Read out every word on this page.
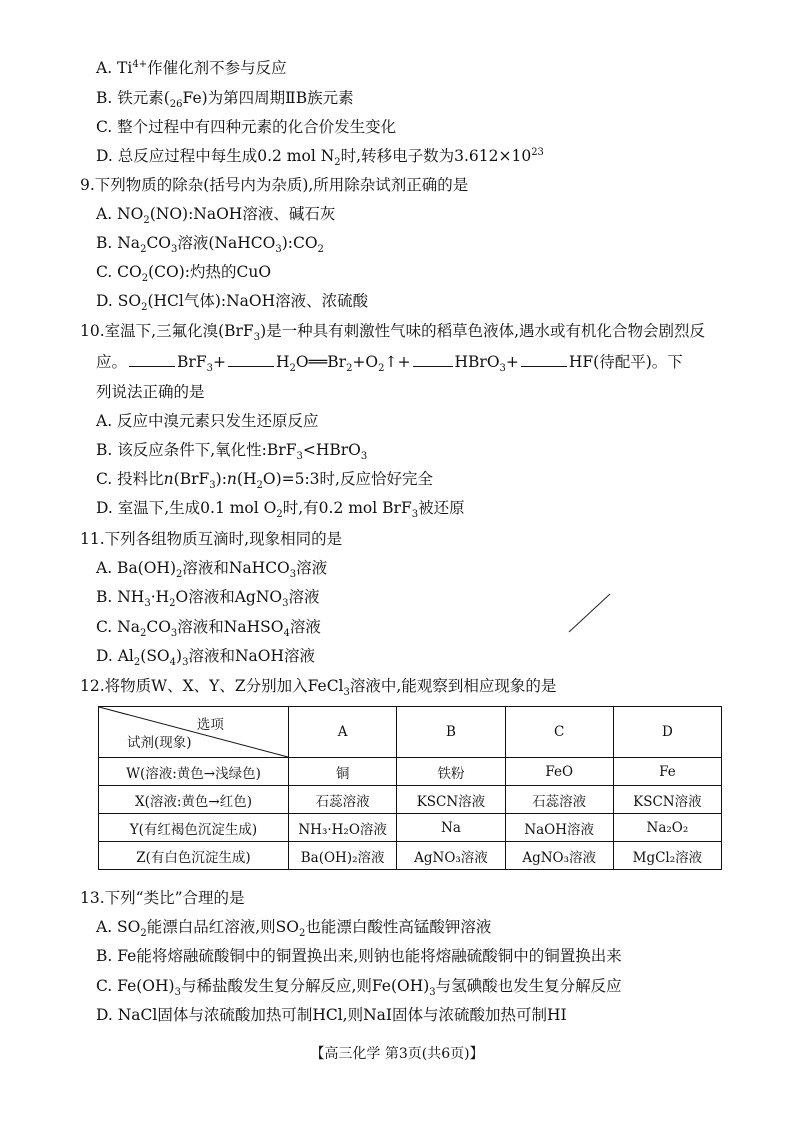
A. $Ti^{4+}$作催化剂不参与反应
B. 铁元素$(_{26}Fe)$为第四周期ⅡB族元素
C. 整个过程中有四种元素的化合价发生变化
D. 总反应过程中每生成0.2 mol $N_2$时,转移电子数为$3.612\times 10^{23}$
9.下列物质的除杂(括号内为杂质),所用除杂试剂正确的是
A. $NO_2(NO):NaOH$溶液、碱石灰
B. $Na_2CO_3$溶液$(NaHCO_3):CO_2$
C. $CO_2(CO)$:灼热的CuO
D. $SO_2(HCl$气体):NaOH溶液、浓硫酸
10.室温下,三氟化溴(BrF$_3$)是一种具有刺激性气味的稻草色液体,遇水或有机化合物会剧烈反
应。	BrF$_3$+	$H_2O══Br_2+O_2↑+$	HBrO$_3$+	HF(待配平)。下
列说法正确的是
A. 反应中溴元素只发生还原反应
B. 该反应条件下,氧化性:BrF$_3$<HBrO$_3$
C. 投料比$n(BrF_3):n(H_2O)=5:3$时,反应恰好完全
D. 室温下,生成0.1 mol $O_2$时,有0.2 mol BrF$_3$被还原
11.下列各组物质互滴时,现象相同的是
A. $Ba(OH)_2$溶液和NaHCO$_3$溶液
B. $NH_3\cdot H_2O$溶液和AgNO$_3$溶液
C. $Na_2CO_3$溶液和NaHSO$_4$溶液
D. $Al_2(SO_4)_3$溶液和NaOH溶液
12.将物质W、X、Y、Z分别加入FeCl$_3$溶液中,能观察到相应现象的是
选项
试剂(现象)	A	B	C	D
W(溶液:黄色→浅绿色)	铜	铁粉	FeO	Fe
X(溶液:黄色→红色)	石蕊溶液	KSCN溶液	石蕊溶液	KSCN溶液
Y(有红褐色沉淀生成)	NH₃·H₂O溶液	Na	NaOH溶液	Na₂O₂
Z(有白色沉淀生成)	Ba(OH)₂溶液	AgNO₃溶液	AgNO₃溶液	MgCl₂溶液
13.下列“类比”合理的是
A. $SO_2$能漂白品红溶液,则$SO_2$也能漂白酸性高锰酸钾溶液
B. Fe能将熔融硫酸铜中的铜置换出来,则钠也能将熔融硫酸铜中的铜置换出来
C. $Fe(OH)_3$与稀盐酸发生复分解反应,则$Fe(OH)_3$与氢碘酸也发生复分解反应
D. NaCl固体与浓硫酸加热可制HCl,则NaI固体与浓硫酸加热可制HI
【高三化学 第3页(共6页)】
